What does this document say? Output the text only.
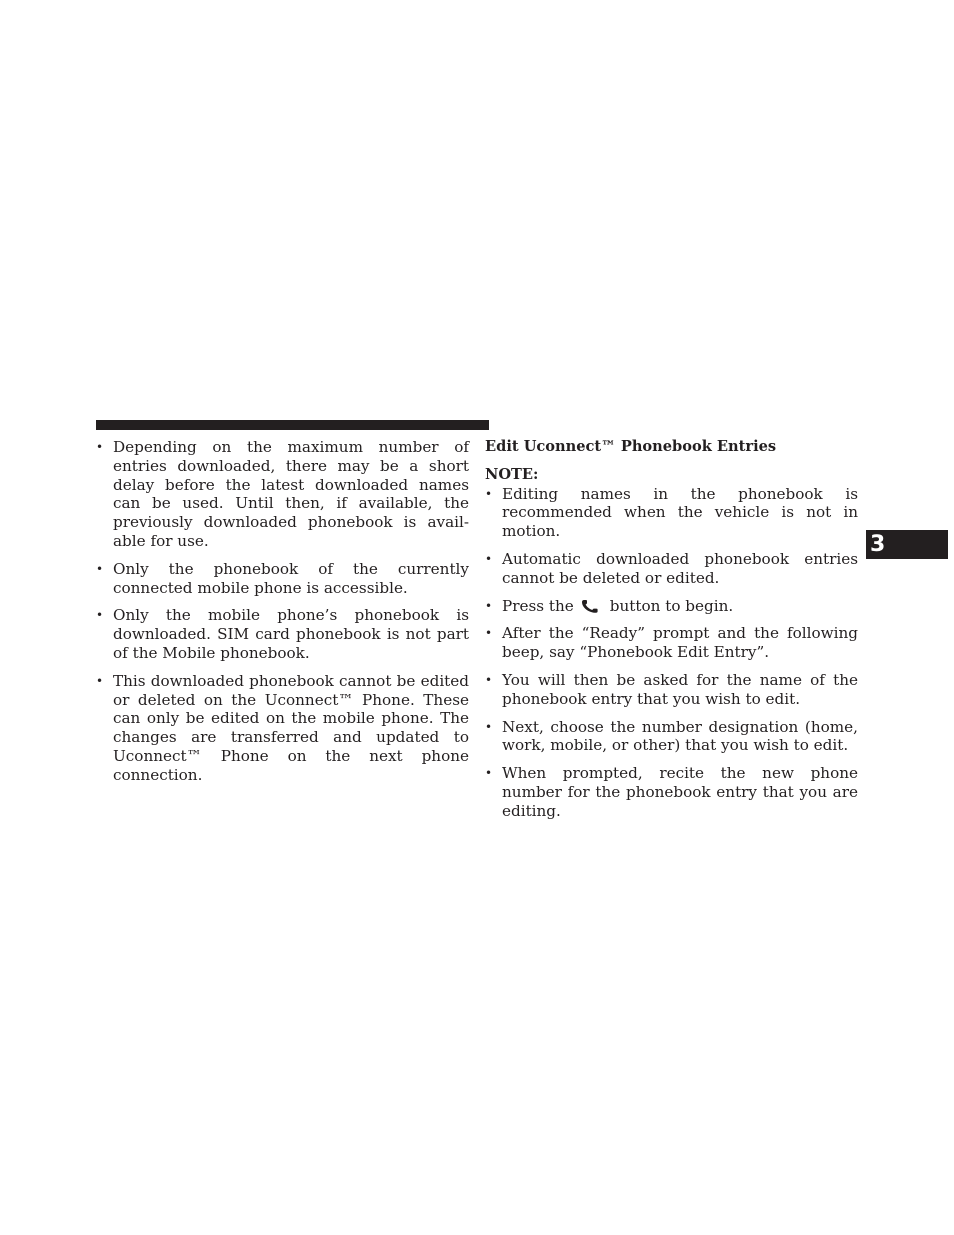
• Depending on the maximum number of entries downloaded, there may be a short delay before the latest downloaded names can be used. Until then, if available, the previously downloaded phonebook is available for use.
• Only the phonebook of the currently connected mobile phone is accessible.
• Only the mobile phone’s phonebook is downloaded. SIM card phonebook is not part of the Mobile phonebook.
• This downloaded phonebook cannot be edited or deleted on the Uconnect™ Phone. These can only be edited on the mobile phone. The changes are transferred and updated to Uconnect™ Phone on the next phone connection.
Edit Uconnect™ Phonebook Entries
NOTE:
• Editing names in the phonebook is recommended when the vehicle is not in motion.
• Automatic downloaded phonebook entries cannot be deleted or edited.
• Press the button to begin.
• After the “Ready” prompt and the following beep, say “Phonebook Edit Entry”.
• You will then be asked for the name of the phonebook entry that you wish to edit.
• Next, choose the number designation (home, work, mobile, or other) that you wish to edit.
• When prompted, recite the new phone number for the phonebook entry that you are editing.
3
